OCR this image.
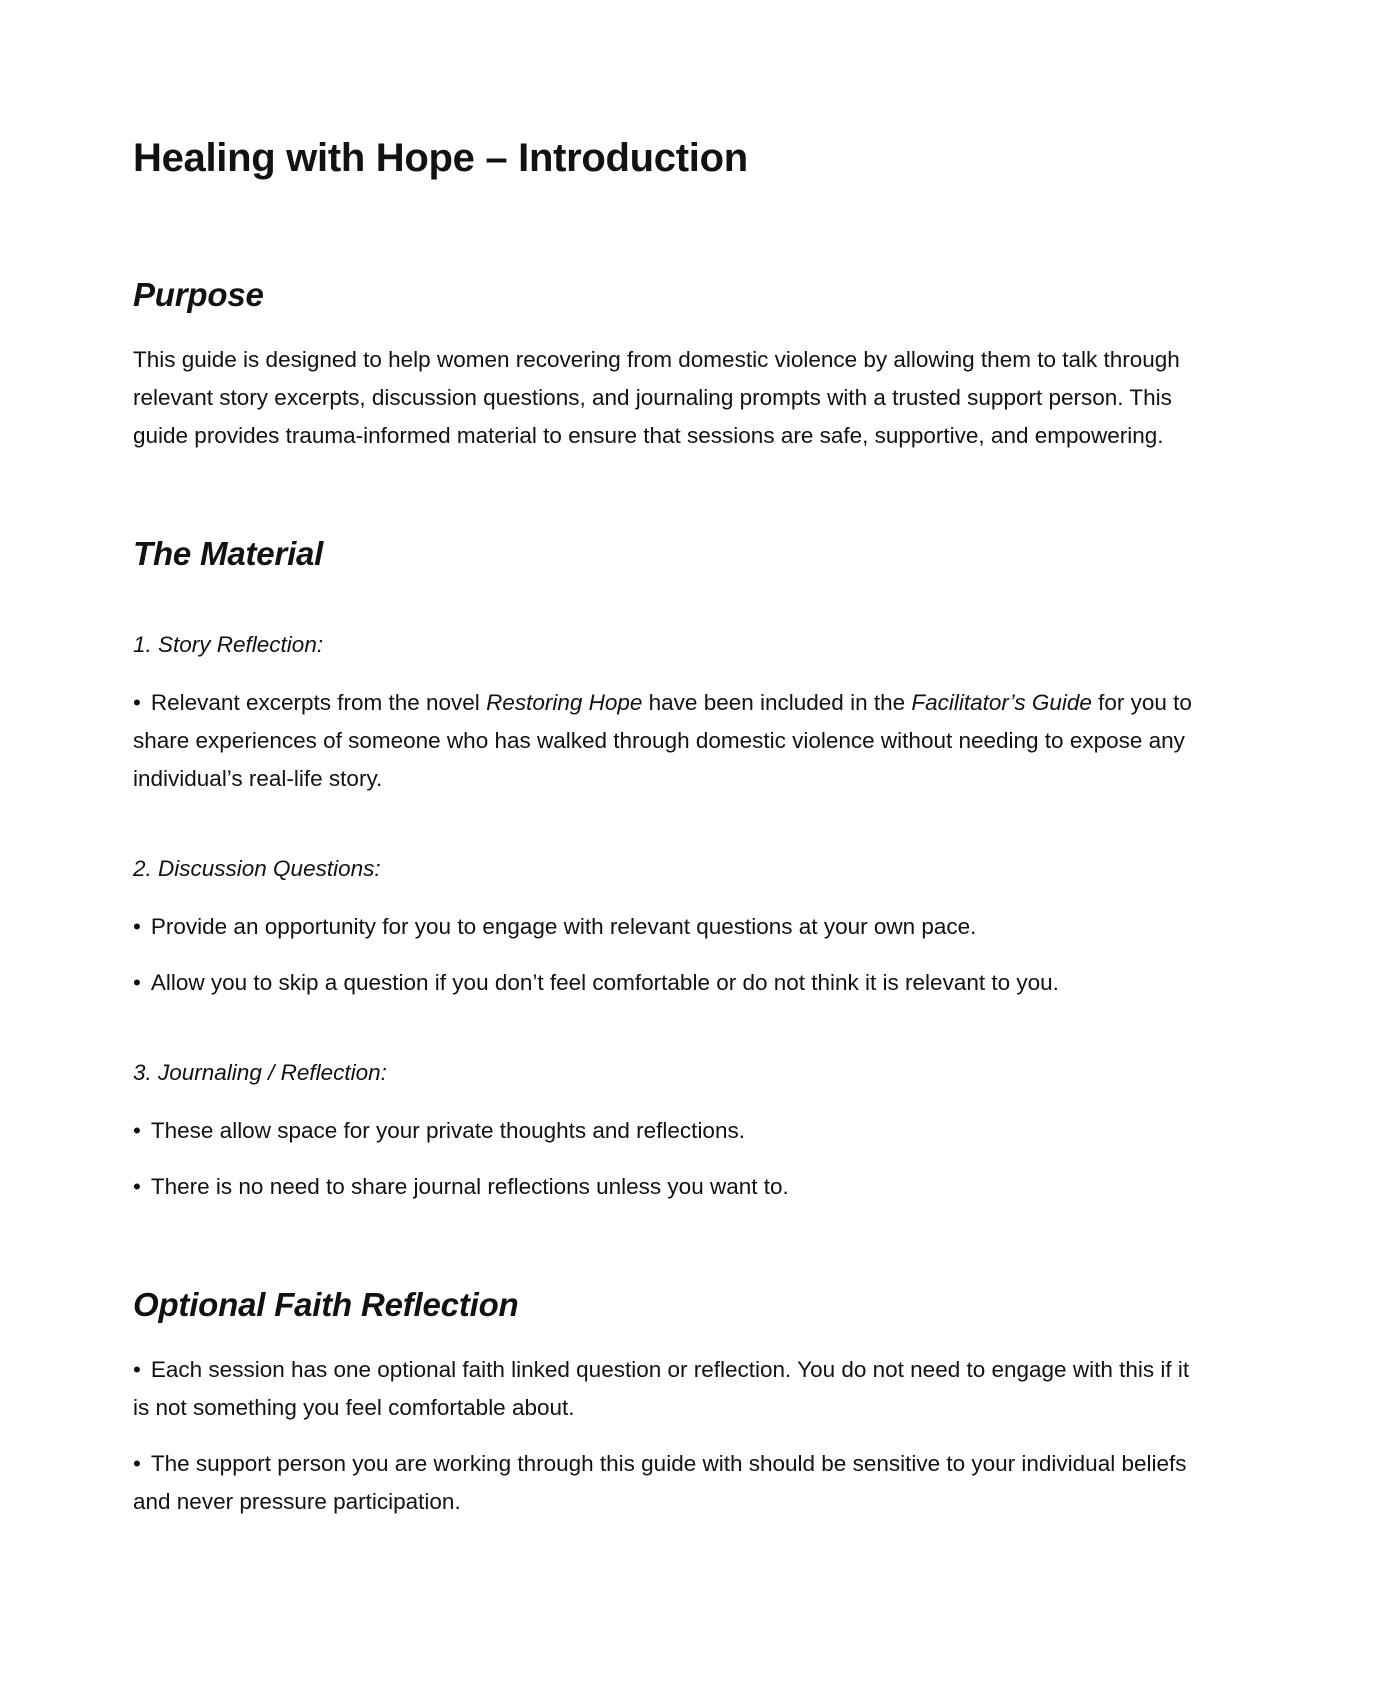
Healing with Hope – Introduction
Purpose

This guide is designed to help women recovering from domestic violence by allowing them to talk through relevant story excerpts, discussion questions, and journaling prompts with a trusted support person. This guide provides trauma-informed material to ensure that sessions are safe, supportive, and empowering.

The Material

1. Story Reflection:

• Relevant excerpts from the novel Restoring Hope have been included in the Facilitator’s Guide for you to share experiences of someone who has walked through domestic violence without needing to expose any individual’s real-life story.

2. Discussion Questions:

• Provide an opportunity for you to engage with relevant questions at your own pace.

• Allow you to skip a question if you don’t feel comfortable or do not think it is relevant to you.

3. Journaling / Reflection:

• These allow space for your private thoughts and reflections.

• There is no need to share journal reflections unless you want to.

Optional Faith Reflection

• Each session has one optional faith linked question or reflection. You do not need to engage with this if it is not something you feel comfortable about.

• The support person you are working through this guide with should be sensitive to your individual beliefs and never pressure participation.
